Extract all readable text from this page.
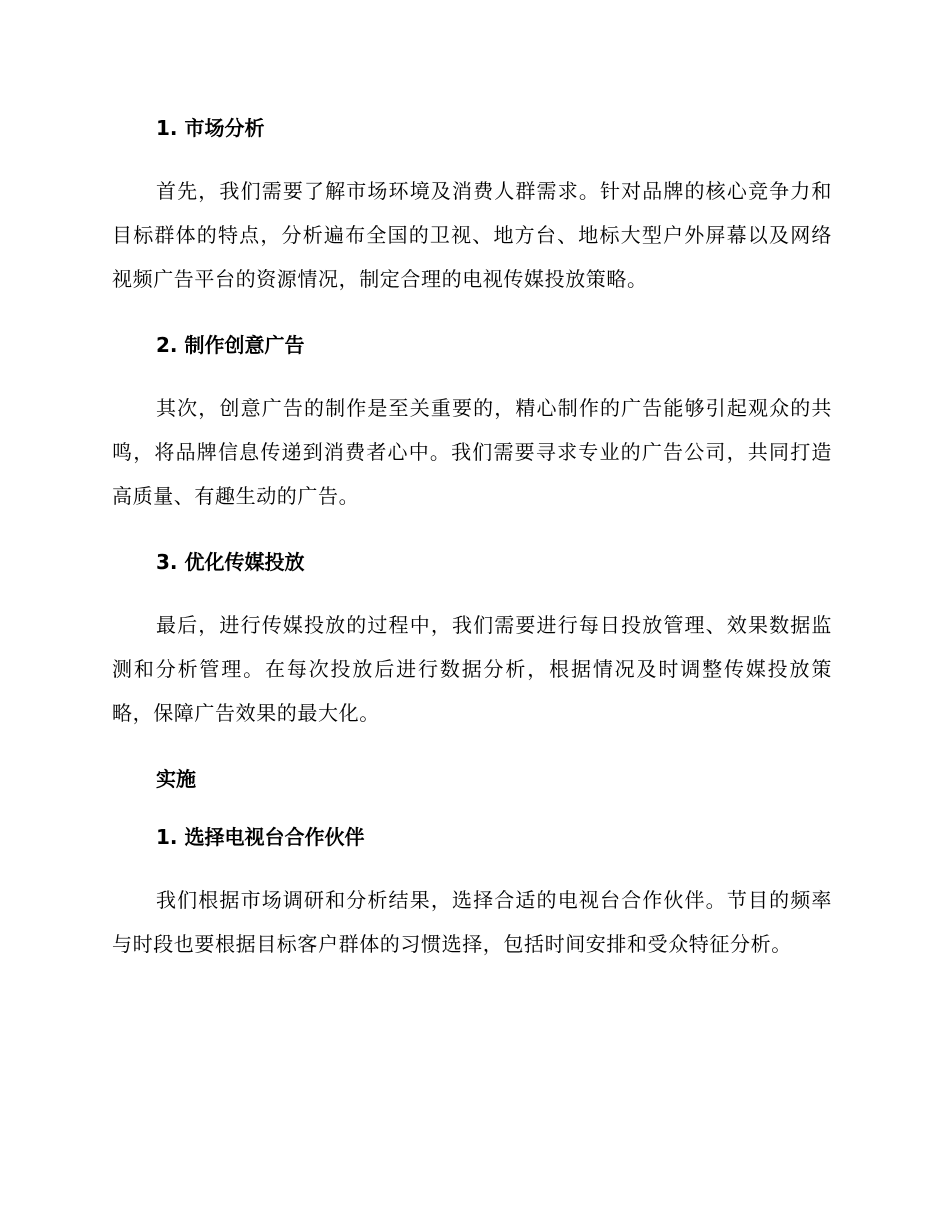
1. 市场分析

首先，我们需要了解市场环境及消费人群需求。针对品牌的核心竞争力和目标群体的特点，分析遍布全国的卫视、地方台、地标大型户外屏幕以及网络视频广告平台的资源情况，制定合理的电视传媒投放策略。

2. 制作创意广告

其次，创意广告的制作是至关重要的，精心制作的广告能够引起观众的共鸣，将品牌信息传递到消费者心中。我们需要寻求专业的广告公司，共同打造高质量、有趣生动的广告。

3. 优化传媒投放

最后，进行传媒投放的过程中，我们需要进行每日投放管理、效果数据监测和分析管理。在每次投放后进行数据分析，根据情况及时调整传媒投放策略，保障广告效果的最大化。

实施
1. 选择电视台合作伙伴

我们根据市场调研和分析结果，选择合适的电视台合作伙伴。节目的频率与时段也要根据目标客户群体的习惯选择，包括时间安排和受众特征分析。
